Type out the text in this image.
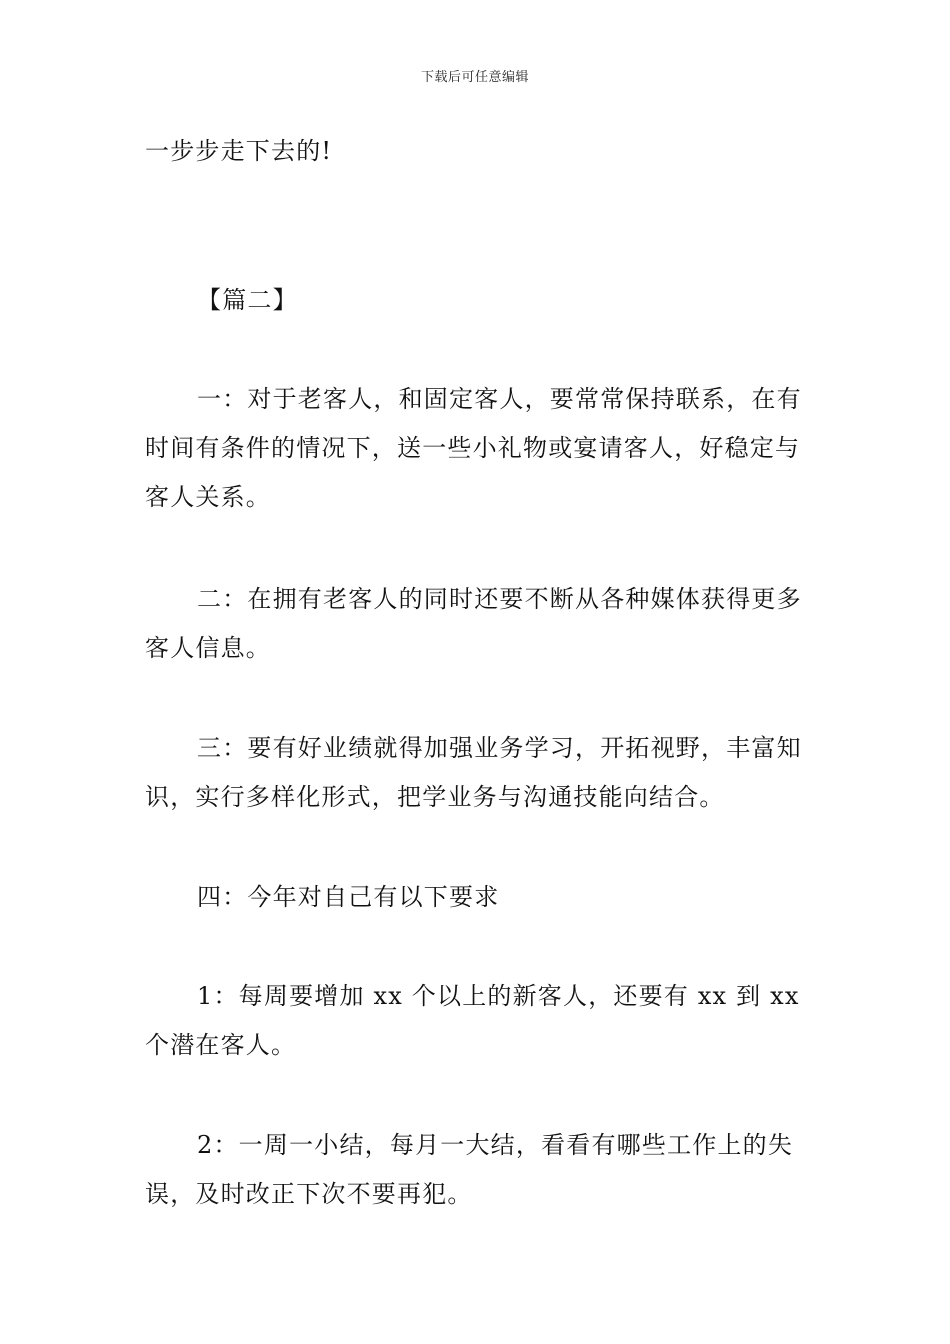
下载后可任意编辑

一步步走下去的!

【篇二】

一：对于老客人，和固定客人，要常常保持联系，在有时间有条件的情况下，送一些小礼物或宴请客人，好稳定与客人关系。

二：在拥有老客人的同时还要不断从各种媒体获得更多客人信息。

三：要有好业绩就得加强业务学习，开拓视野，丰富知识，实行多样化形式，把学业务与沟通技能向结合。

四：今年对自己有以下要求

1：每周要增加 xx 个以上的新客人，还要有 xx 到 xx 个潜在客人。

2：一周一小结，每月一大结，看看有哪些工作上的失误，及时改正下次不要再犯。
